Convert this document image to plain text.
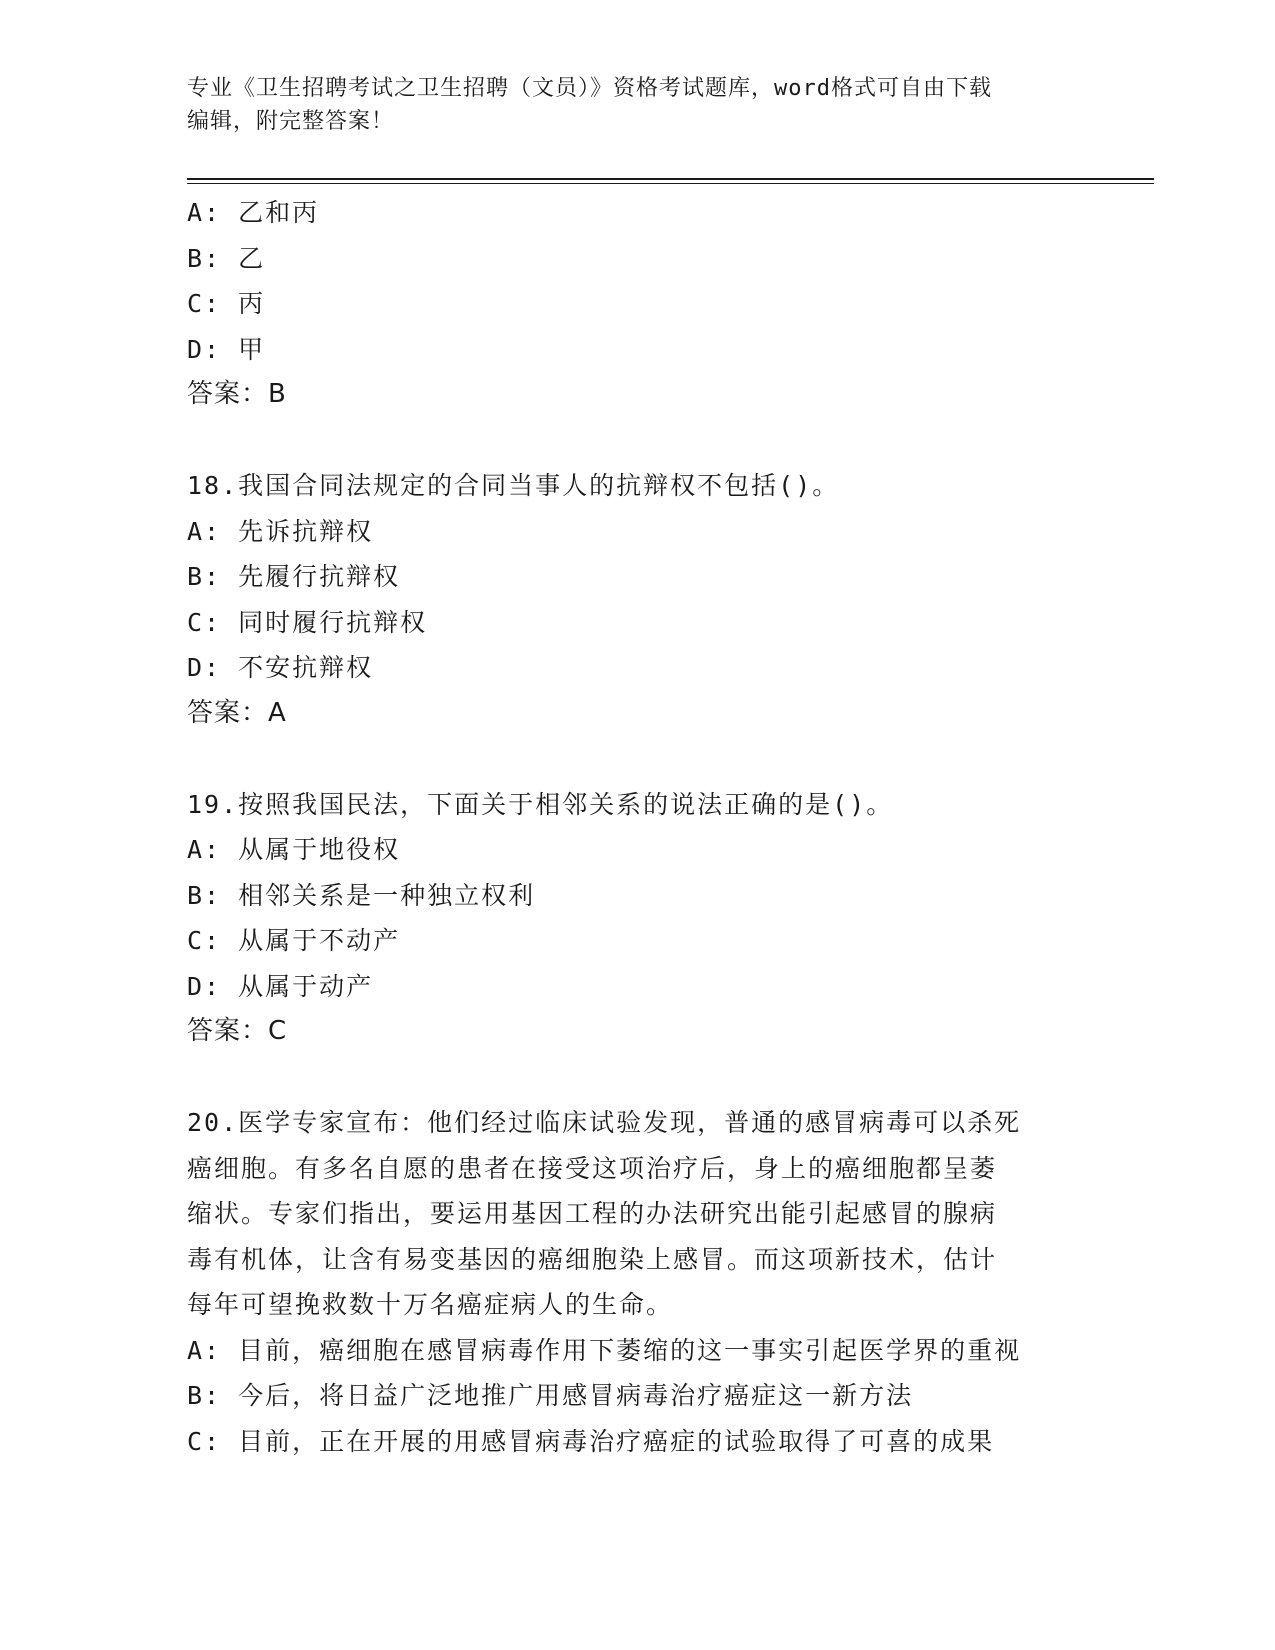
专业《卫生招聘考试之卫生招聘（文员）》资格考试题库，word格式可自由下载
编辑，附完整答案！
A: 乙和丙
B: 乙
C: 丙
D: 甲
答案：B
18.我国合同法规定的合同当事人的抗辩权不包括()。
A: 先诉抗辩权
B: 先履行抗辩权
C: 同时履行抗辩权
D: 不安抗辩权
答案：A
19.按照我国民法，下面关于相邻关系的说法正确的是()。
A: 从属于地役权
B: 相邻关系是一种独立权利
C: 从属于不动产
D: 从属于动产
答案：C
20.医学专家宣布：他们经过临床试验发现，普通的感冒病毒可以杀死
癌细胞。有多名自愿的患者在接受这项治疗后，身上的癌细胞都呈萎
缩状。专家们指出，要运用基因工程的办法研究出能引起感冒的腺病
毒有机体，让含有易变基因的癌细胞染上感冒。而这项新技术，估计
每年可望挽救数十万名癌症病人的生命。
A: 目前，癌细胞在感冒病毒作用下萎缩的这一事实引起医学界的重视
B: 今后，将日益广泛地推广用感冒病毒治疗癌症这一新方法
C: 目前，正在开展的用感冒病毒治疗癌症的试验取得了可喜的成果
